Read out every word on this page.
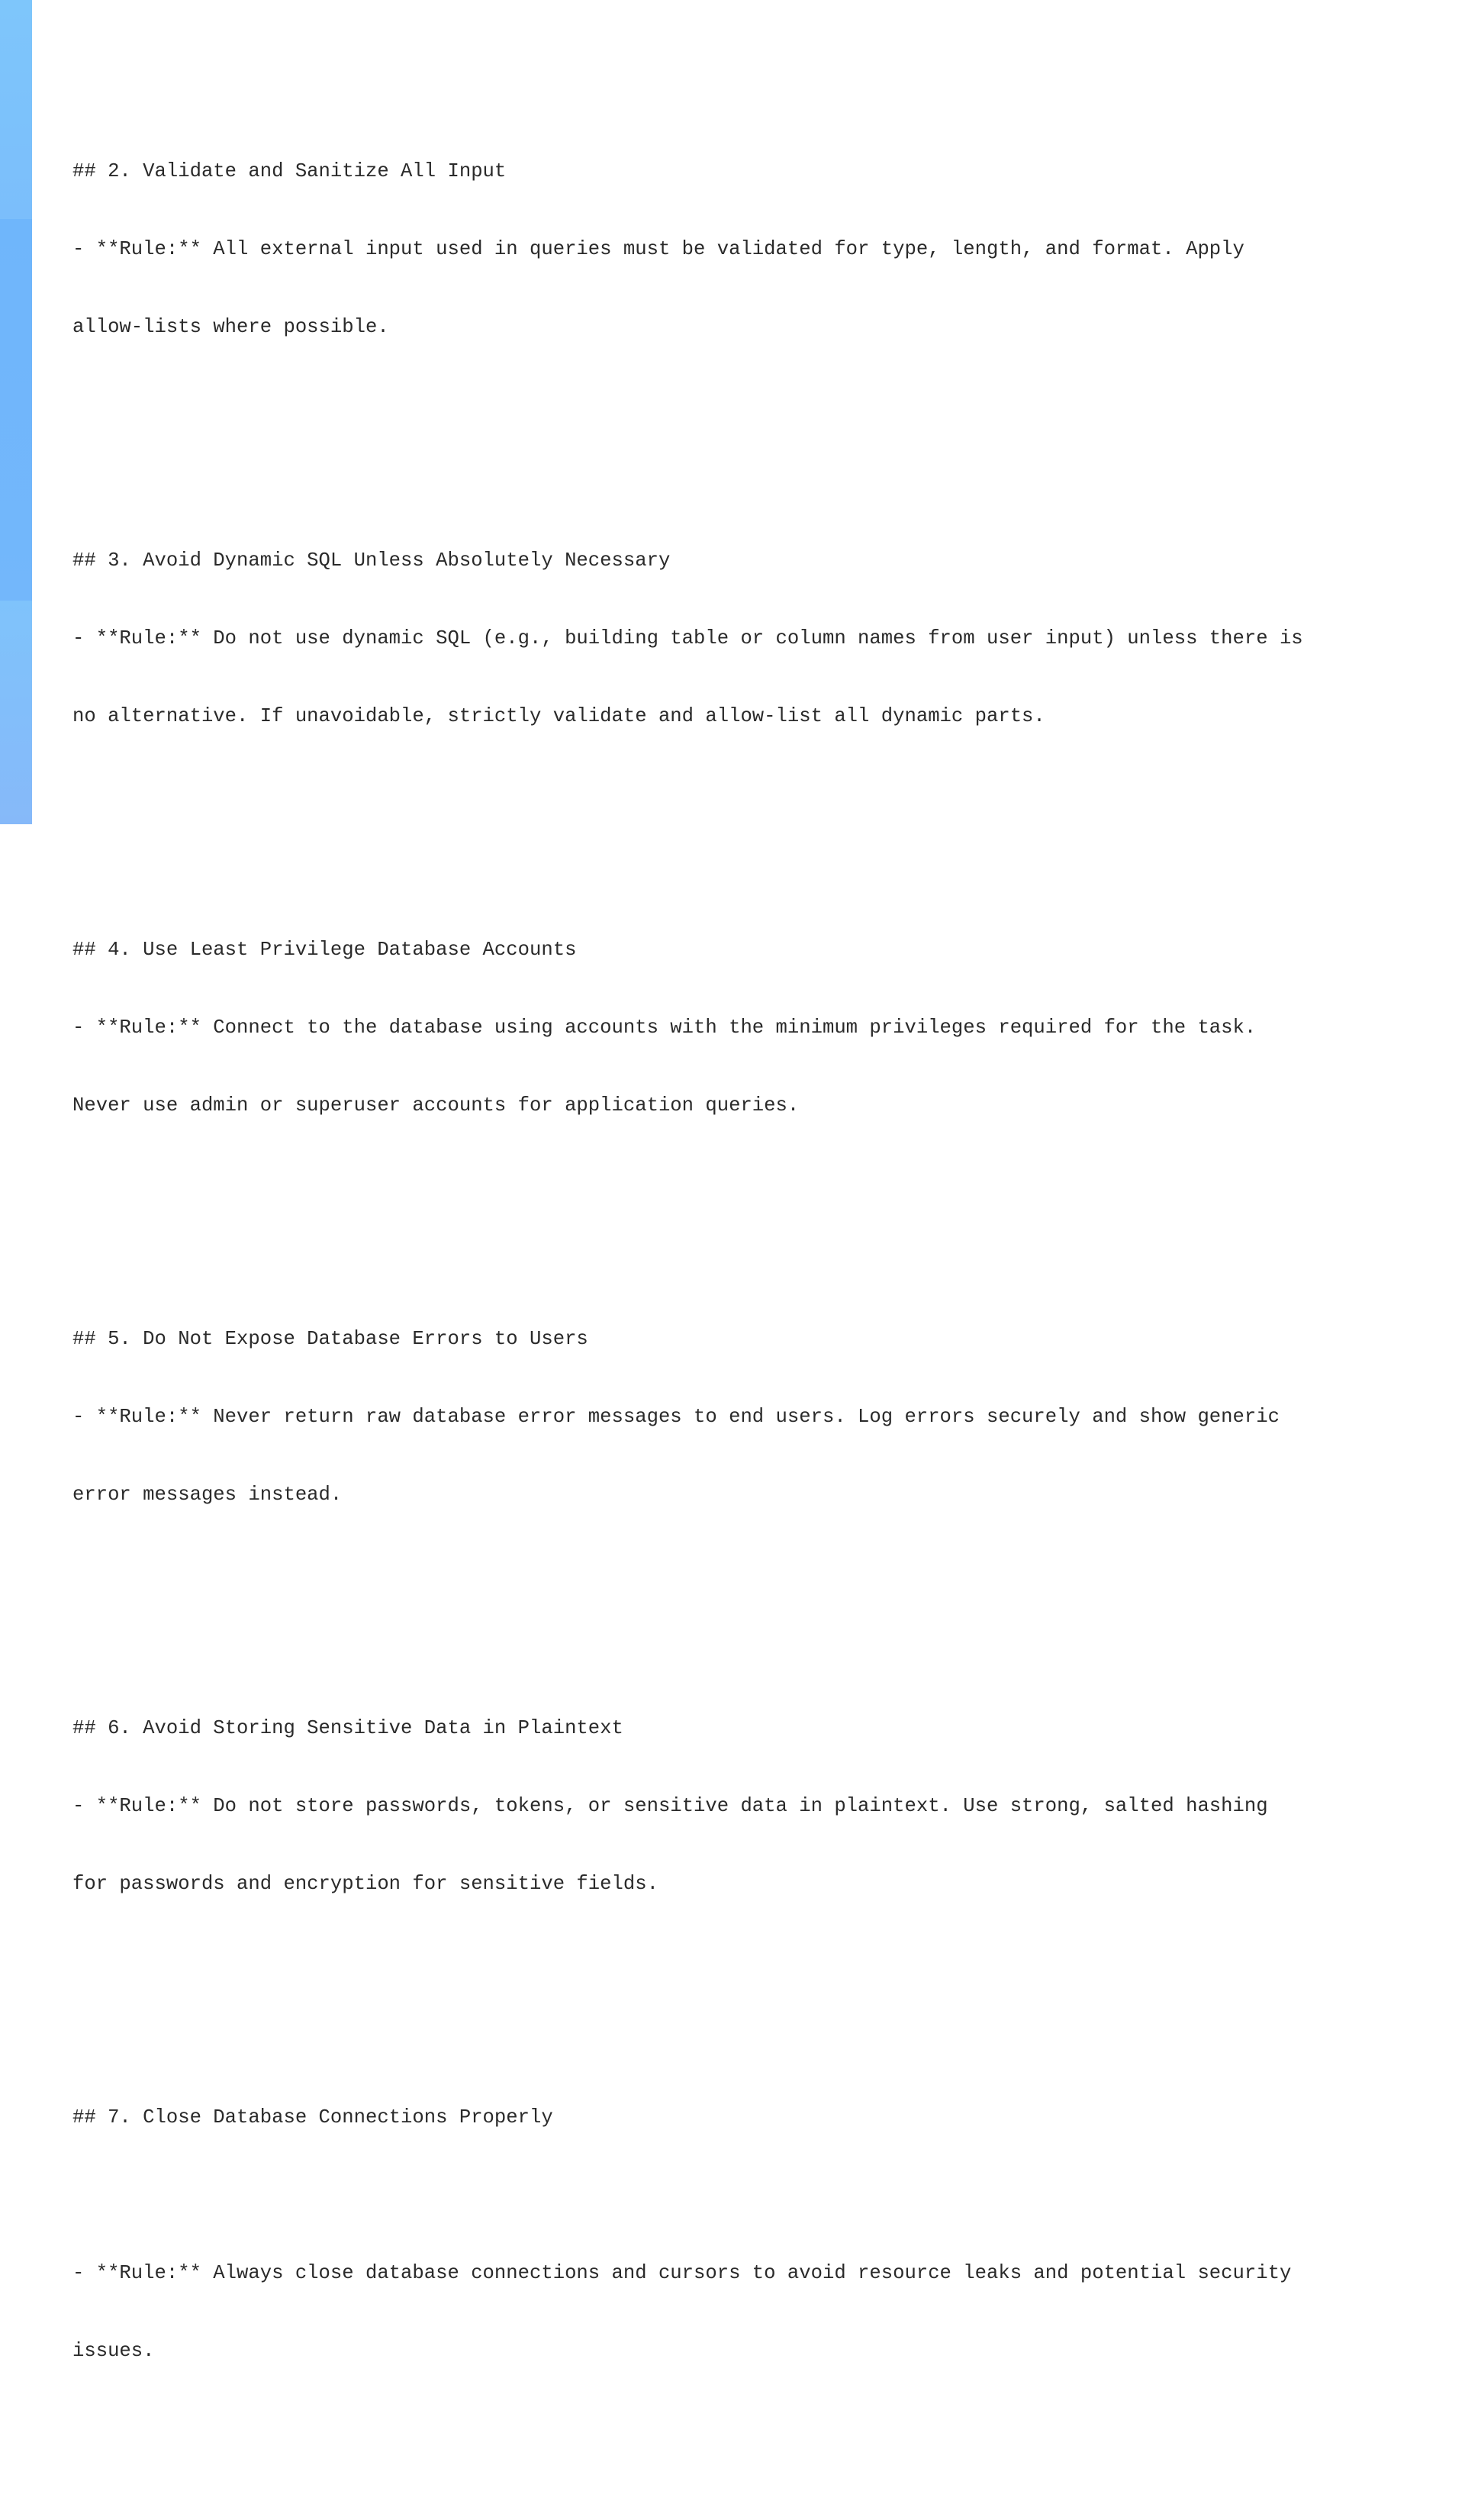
## 2. Validate and Sanitize All Input

- **Rule:** All external input used in queries must be validated for type, length, and format. Apply

allow-lists where possible.

## 3. Avoid Dynamic SQL Unless Absolutely Necessary

- **Rule:** Do not use dynamic SQL (e.g., building table or column names from user input) unless there is

no alternative. If unavoidable, strictly validate and allow-list all dynamic parts.

## 4. Use Least Privilege Database Accounts

- **Rule:** Connect to the database using accounts with the minimum privileges required for the task.

Never use admin or superuser accounts for application queries.

## 5. Do Not Expose Database Errors to Users

- **Rule:** Never return raw database error messages to end users. Log errors securely and show generic

error messages instead.

## 6. Avoid Storing Sensitive Data in Plaintext

- **Rule:** Do not store passwords, tokens, or sensitive data in plaintext. Use strong, salted hashing

for passwords and encryption for sensitive fields.

## 7. Close Database Connections Properly

- **Rule:** Always close database connections and cursors to avoid resource leaks and potential security

issues.
